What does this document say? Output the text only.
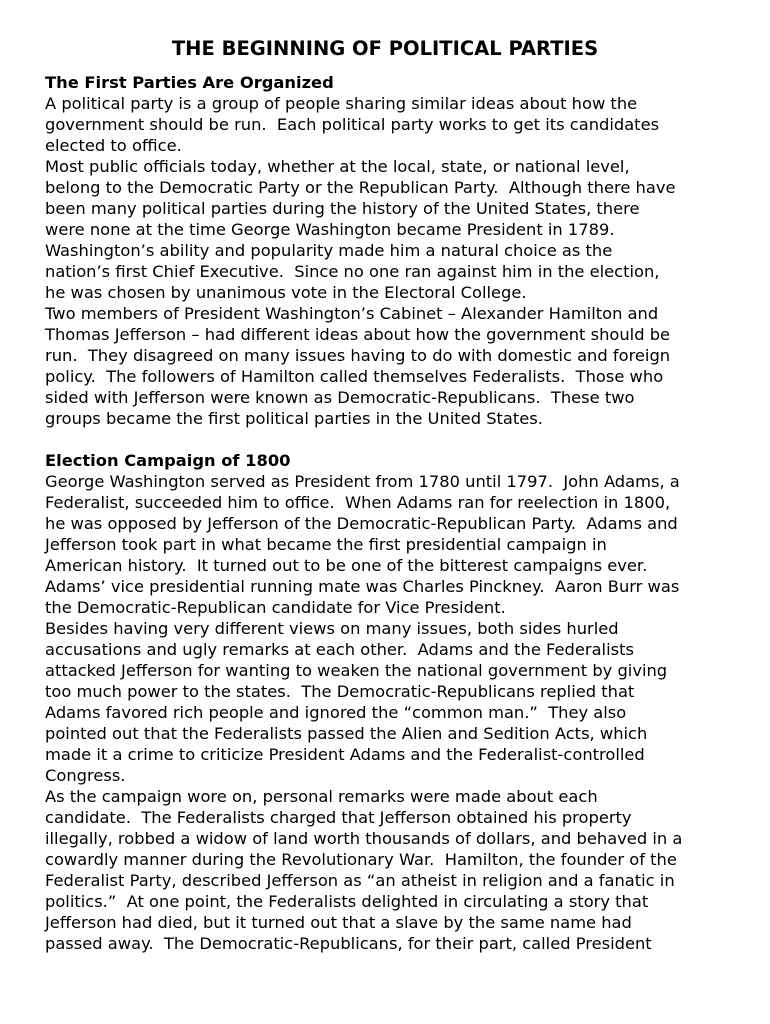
THE BEGINNING OF POLITICAL PARTIES
The First Parties Are Organized
A political party is a group of people sharing similar ideas about how the
government should be run.  Each political party works to get its candidates
elected to office.
Most public officials today, whether at the local, state, or national level,
belong to the Democratic Party or the Republican Party.  Although there have
been many political parties during the history of the United States, there
were none at the time George Washington became President in 1789.
Washington’s ability and popularity made him a natural choice as the
nation’s first Chief Executive.  Since no one ran against him in the election,
he was chosen by unanimous vote in the Electoral College.
Two members of President Washington’s Cabinet – Alexander Hamilton and
Thomas Jefferson – had different ideas about how the government should be
run.  They disagreed on many issues having to do with domestic and foreign
policy.  The followers of Hamilton called themselves Federalists.  Those who
sided with Jefferson were known as Democratic-Republicans.  These two
groups became the first political parties in the United States.
Election Campaign of 1800
George Washington served as President from 1780 until 1797.  John Adams, a
Federalist, succeeded him to office.  When Adams ran for reelection in 1800,
he was opposed by Jefferson of the Democratic-Republican Party.  Adams and
Jefferson took part in what became the first presidential campaign in
American history.  It turned out to be one of the bitterest campaigns ever.
Adams’ vice presidential running mate was Charles Pinckney.  Aaron Burr was
the Democratic-Republican candidate for Vice President.
Besides having very different views on many issues, both sides hurled
accusations and ugly remarks at each other.  Adams and the Federalists
attacked Jefferson for wanting to weaken the national government by giving
too much power to the states.  The Democratic-Republicans replied that
Adams favored rich people and ignored the “common man.”  They also
pointed out that the Federalists passed the Alien and Sedition Acts, which
made it a crime to criticize President Adams and the Federalist-controlled
Congress.
As the campaign wore on, personal remarks were made about each
candidate.  The Federalists charged that Jefferson obtained his property
illegally, robbed a widow of land worth thousands of dollars, and behaved in a
cowardly manner during the Revolutionary War.  Hamilton, the founder of the
Federalist Party, described Jefferson as “an atheist in religion and a fanatic in
politics.”  At one point, the Federalists delighted in circulating a story that
Jefferson had died, but it turned out that a slave by the same name had
passed away.  The Democratic-Republicans, for their part, called President
